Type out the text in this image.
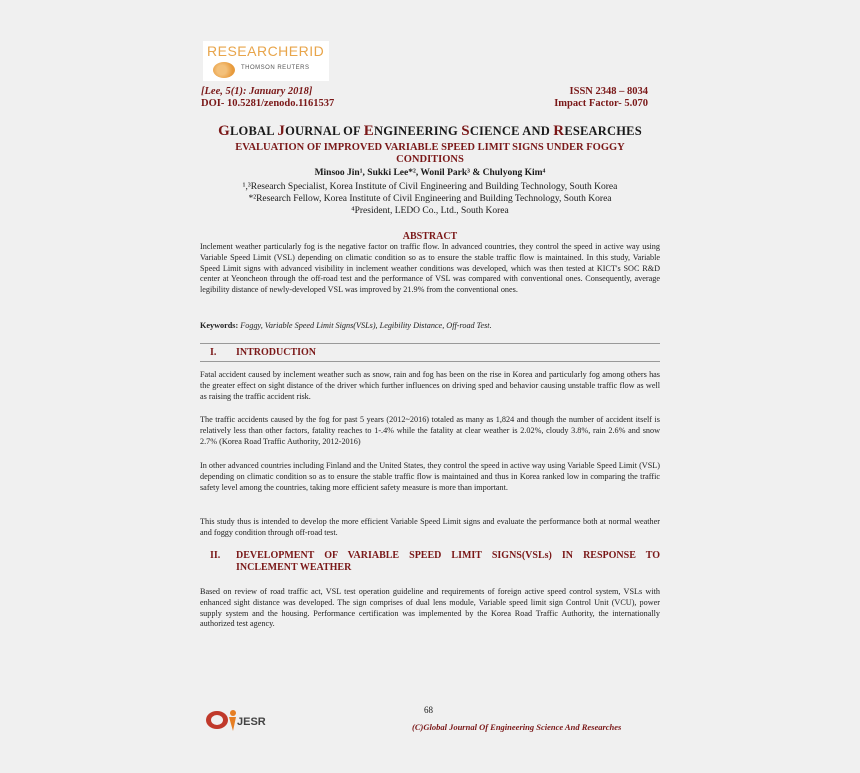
RESEARCHERID
THOMSON REUTERS
[Lee, 5(1): January 2018]
DOI- 10.5281/zenodo.1161537
ISSN 2348 – 8034
Impact Factor- 5.070
GLOBAL JOURNAL OF ENGINEERING SCIENCE AND RESEARCHES
EVALUATION OF IMPROVED VARIABLE SPEED LIMIT SIGNS UNDER FOGGY
CONDITIONS
Minsoo Jin¹, Sukki Lee*², Wonil Park³ & Chulyong Kim⁴
¹,³Research Specialist, Korea Institute of Civil Engineering and Building Technology, South Korea
*²Research Fellow, Korea Institute of Civil Engineering and Building Technology, South Korea
⁴President, LEDO Co., Ltd., South Korea
ABSTRACT
Inclement weather particularly fog is the negative factor on traffic flow. In advanced countries, they control the speed in active way using Variable Speed Limit (VSL) depending on climatic condition so as to ensure the stable traffic flow is maintained. In this study, Variable Speed Limit signs with advanced visibility in inclement weather conditions was developed, which was then tested at KICT's SOC R&D center at Yeoncheon through the off-road test and the performance of VSL was compared with conventional ones. Consequently, average legibility distance of newly-developed VSL was improved by 21.9% from the conventional ones.
Keywords: Foggy, Variable Speed Limit Signs(VSLs), Legibility Distance, Off-road Test.
I. INTRODUCTION
Fatal accident caused by inclement weather such as snow, rain and fog has been on the rise in Korea and particularly fog among others has the greater effect on sight distance of the driver which further influences on driving sped and behavior causing unstable traffic flow as well as raising the traffic accident risk.
The traffic accidents caused by the fog for past 5 years (2012~2016) totaled as many as 1,824 and though the number of accident itself is relatively less than other factors, fatality reaches to 1-.4% while the fatality at clear weather is 2.02%, cloudy 3.8%, rain 2.6% and snow 2.7% (Korea Road Traffic Authority, 2012-2016)
In other advanced countries including Finland and the United States, they control the speed in active way using Variable Speed Limit (VSL) depending on climatic condition so as to ensure the stable traffic flow is maintained and thus in Korea ranked low in comparing the traffic safety level among the countries, taking more efficient safety measure is more than important.
This study thus is intended to develop the more efficient Variable Speed Limit signs and evaluate the performance both at normal weather and foggy condition through off-road test.
II. DEVELOPMENT OF VARIABLE SPEED LIMIT SIGNS(VSLs) IN RESPONSE TO
INCLEMENT WEATHER
Based on review of road traffic act, VSL test operation guideline and requirements of foreign active speed control system, VSLs with enhanced sight distance was developed. The sign comprises of dual lens module, Variable speed limit sign Control Unit (VCU), power supply system and the housing. Performance certification was implemented by the Korea Road Traffic Authority, the internationally authorized test agency.
68
JESR	(C)Global Journal Of Engineering Science And Researches
